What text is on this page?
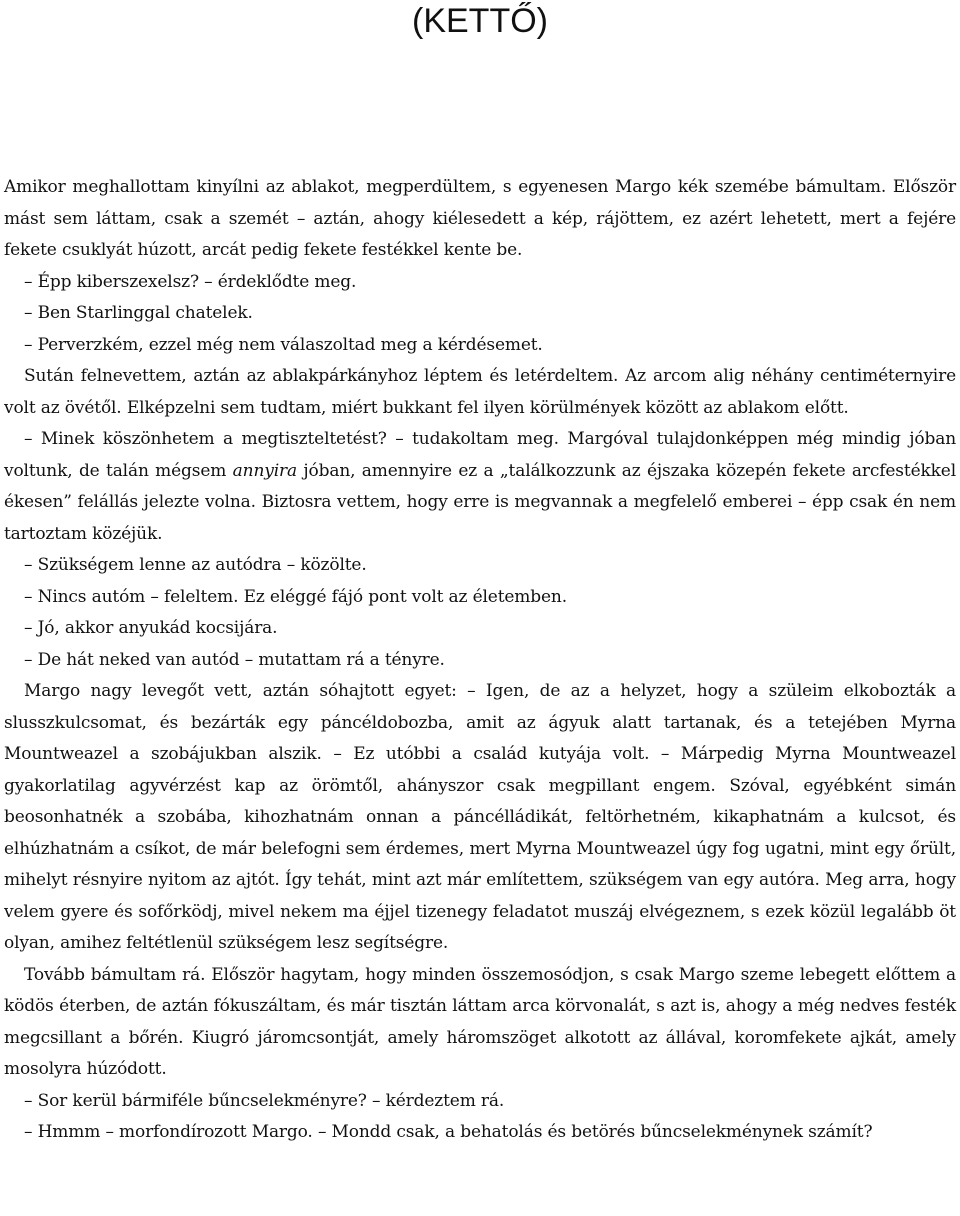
(KETTŐ)

Amikor meghallottam kinyílni az ablakot, megperdültem, s egyenesen Margo kék szemébe bámultam. Először mást sem láttam, csak a szemét – aztán, ahogy kiélesedett a kép, rájöttem, ez azért lehetett, mert a fejére fekete csuklyát húzott, arcát pedig fekete festékkel kente be.

– Épp kiberszexelsz? – érdeklődte meg.

– Ben Starlinggal chatelek.

– Perverzkém, ezzel még nem válaszoltad meg a kérdésemet.

Sután felnevettem, aztán az ablakpárkányhoz léptem és letérdeltem. Az arcom alig néhány centiméternyire volt az övétől. Elképzelni sem tudtam, miért bukkant fel ilyen körülmények között az ablakom előtt.

– Minek köszönhetem a megtiszteltetést? – tudakoltam meg. Margóval tulajdonképpen még mindig jóban voltunk, de talán mégsem annyira jóban, amennyire ez a „találkozzunk az éjszaka közepén fekete arcfestékkel ékesen” felállás jelezte volna. Biztosra vettem, hogy erre is megvannak a megfelelő emberei – épp csak én nem tartoztam közéjük.

– Szükségem lenne az autódra – közölte.

– Nincs autóm – feleltem. Ez eléggé fájó pont volt az életemben.

– Jó, akkor anyukád kocsijára.

– De hát neked van autód – mutattam rá a tényre.

Margo nagy levegőt vett, aztán sóhajtott egyet: – Igen, de az a helyzet, hogy a szüleim elkobozták a slusszkulcsomat, és bezárták egy páncéldobozba, amit az ágyuk alatt tartanak, és a tetejében Myrna Mountweazel a szobájukban alszik. – Ez utóbbi a család kutyája volt. – Márpedig Myrna Mountweazel gyakorlatilag agyvérzést kap az örömtől, ahányszor csak megpillant engem. Szóval, egyébként simán beosonhatnék a szobába, kihozhatnám onnan a páncélládikát, feltörhetném, kikaphatnám a kulcsot, és elhúzhatnám a csíkot, de már belefogni sem érdemes, mert Myrna Mountweazel úgy fog ugatni, mint egy őrült, mihelyt résnyire nyitom az ajtót. Így tehát, mint azt már említettem, szükségem van egy autóra. Meg arra, hogy velem gyere és sofőrködj, mivel nekem ma éjjel tizenegy feladatot muszáj elvégeznem, s ezek közül legalább öt olyan, amihez feltétlenül szükségem lesz segítségre.

Tovább bámultam rá. Először hagytam, hogy minden összemosódjon, s csak Margo szeme lebegett előttem a ködös éterben, de aztán fókuszáltam, és már tisztán láttam arca körvonalát, s azt is, ahogy a még nedves festék megcsillant a bőrén. Kiugró járomcsontját, amely háromszöget alkotott az állával, koromfekete ajkát, amely mosolyra húzódott.

– Sor kerül bármiféle bűncselekményre? – kérdeztem rá.

– Hmmm – morfondírozott Margo. – Mondd csak, a behatolás és betörés bűncselekménynek számít?
